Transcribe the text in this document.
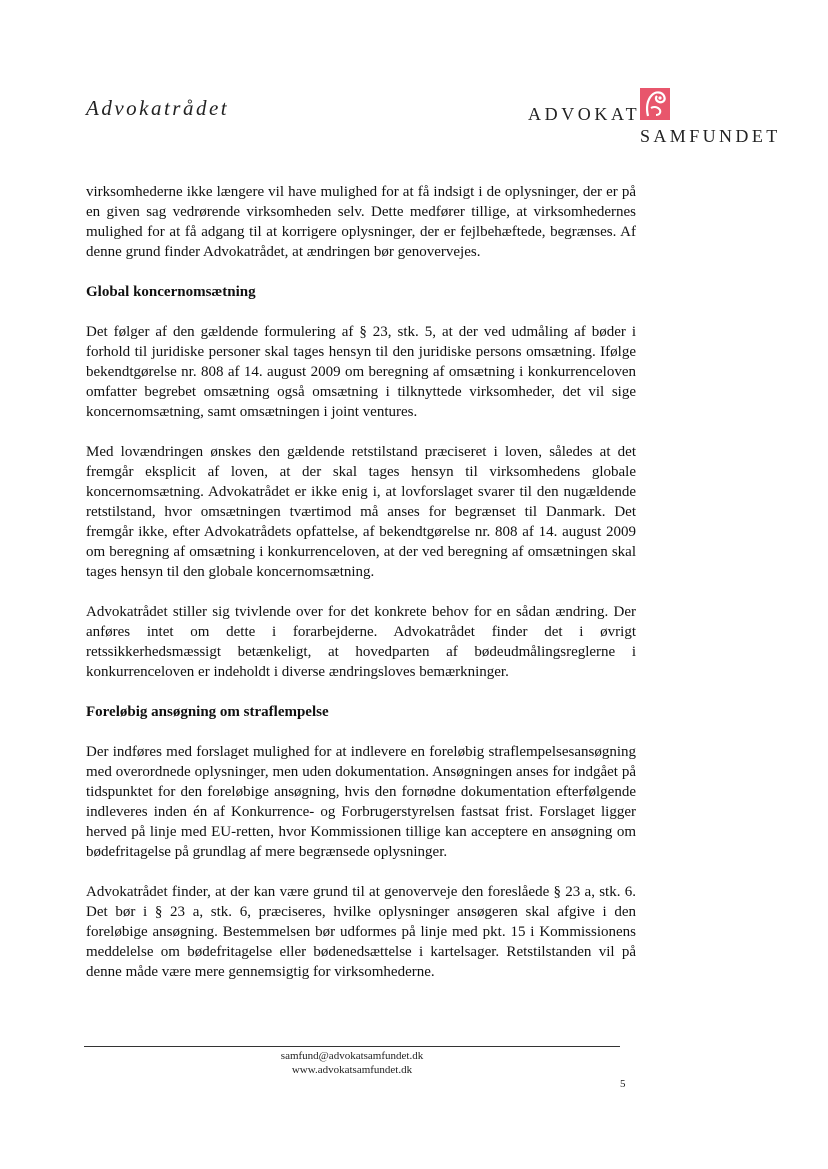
Advokatrådet	ADVOKAT
SAMFUNDET

virksomhederne ikke længere vil have mulighed for at få indsigt i de oplysninger, der er på en given sag vedrørende virksomheden selv. Dette medfører tillige, at virksomhedernes mulighed for at få adgang til at korrigere oplysninger, der er fejlbehæftede, begrænses. Af denne grund finder Advokatrådet, at ændringen bør genovervejes.

Global koncernomsætning

Det følger af den gældende formulering af § 23, stk. 5, at der ved udmåling af bøder i forhold til juridiske personer skal tages hensyn til den juridiske persons omsætning. Ifølge bekendtgørelse nr. 808 af 14. august 2009 om beregning af omsætning i konkurrenceloven omfatter begrebet omsætning også omsætning i tilknyttede virksomheder, det vil sige koncernomsætning, samt omsætningen i joint ventures.

Med lovændringen ønskes den gældende retstilstand præciseret i loven, således at det fremgår eksplicit af loven, at der skal tages hensyn til virksomhedens globale koncernomsætning. Advokatrådet er ikke enig i, at lovforslaget svarer til den nugældende retstilstand, hvor omsætningen tværtimod må anses for begrænset til Danmark. Det fremgår ikke, efter Advokatrådets opfattelse, af bekendtgørelse nr. 808 af 14. august 2009 om beregning af omsætning i konkurrenceloven, at der ved beregning af omsætningen skal tages hensyn til den globale koncernomsætning.

Advokatrådet stiller sig tvivlende over for det konkrete behov for en sådan ændring. Der anføres intet om dette i forarbejderne. Advokatrådet finder det i øvrigt retssikkerhedsmæssigt betænkeligt, at hovedparten af bødeudmålingsreglerne i konkurrenceloven er indeholdt i diverse ændringsloves bemærkninger.

Foreløbig ansøgning om straflempelse

Der indføres med forslaget mulighed for at indlevere en foreløbig straflempelsesansøgning med overordnede oplysninger, men uden dokumentation. Ansøgningen anses for indgået på tidspunktet for den foreløbige ansøgning, hvis den fornødne dokumentation efterfølgende indleveres inden én af Konkurrence- og Forbrugerstyrelsen fastsat frist. Forslaget ligger herved på linje med EU-retten, hvor Kommissionen tillige kan acceptere en ansøgning om bødefritagelse på grundlag af mere begrænsede oplysninger.

Advokatrådet finder, at der kan være grund til at genoverveje den foreslåede § 23 a, stk. 6. Det bør i § 23 a, stk. 6, præciseres, hvilke oplysninger ansøgeren skal afgive i den foreløbige ansøgning. Bestemmelsen bør udformes på linje med pkt. 15 i Kommissionens meddelelse om bødefritagelse eller bødenedsættelse i kartelsager. Retstilstanden vil på denne måde være mere gennemsigtig for virksomhederne.

samfund@advokatsamfundet.dk
www.advokatsamfundet.dk
5
